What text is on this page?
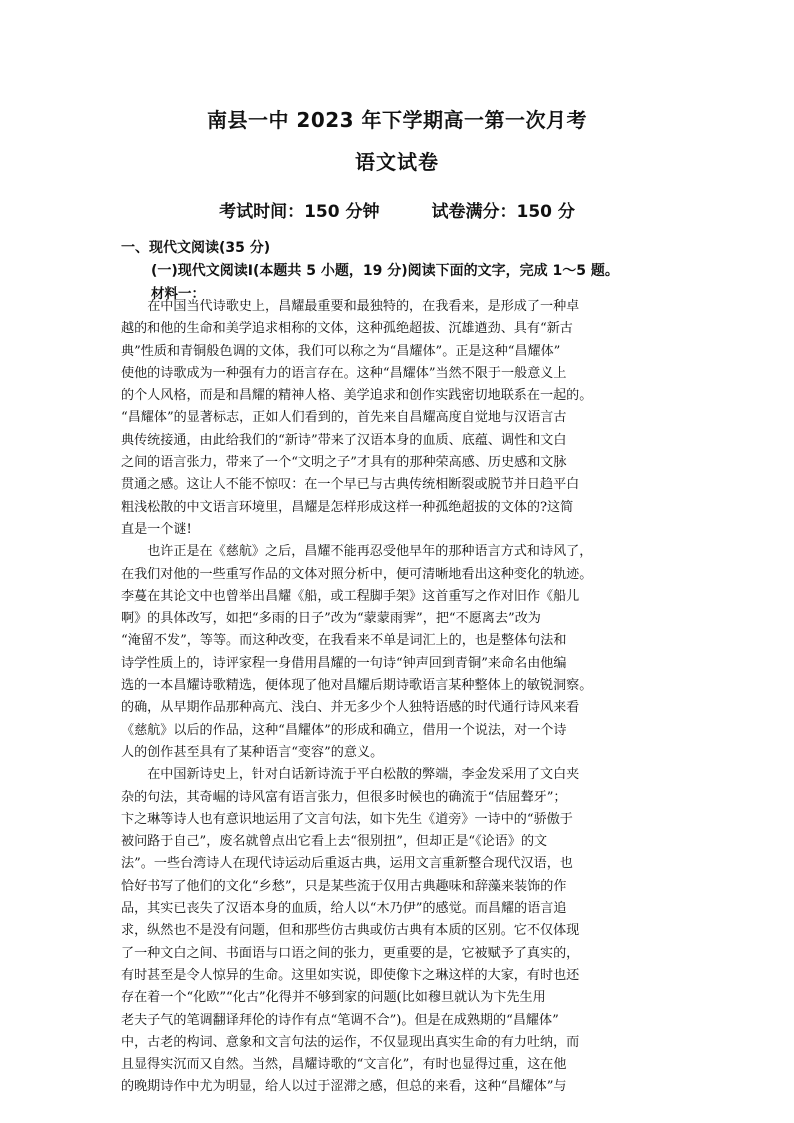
南县一中 2023 年下学期高一第一次月考
语文试卷
考试时间：150 分钟	试卷满分：150 分
一、现代文阅读(35 分)
(一)现代文阅读Ⅰ(本题共 5 小题，19 分)阅读下面的文字，完成 1～5 题。
材料一：

在中国当代诗歌史上，昌耀最重要和最独特的，在我看来，是形成了一种卓

越的和他的生命和美学追求相称的文体，这种孤绝超拔、沉雄遒劲、具有“新古

典”性质和青铜般色调的文体，我们可以称之为“昌耀体”。正是这种“昌耀体”

使他的诗歌成为一种强有力的语言存在。这种“昌耀体”当然不限于一般意义上

的个人风格，而是和昌耀的精神人格、美学追求和创作实践密切地联系在一起的。

“昌耀体”的显著标志，正如人们看到的，首先来自昌耀高度自觉地与汉语言古

典传统接通，由此给我们的“新诗”带来了汉语本身的血质、底蕴、调性和文白

之间的语言张力，带来了一个“文明之子”才具有的那种荣高感、历史感和文脉

贯通之感。这让人不能不惊叹：在一个早已与古典传统相断裂或脱节并日趋平白

粗浅松散的中文语言环境里，昌耀是怎样形成这样一种孤绝超拔的文体的?这简

直是一个谜!

也许正是在《慈航》之后，昌耀不能再忍受他早年的那种语言方式和诗风了，

在我们对他的一些重写作品的文体对照分析中，便可清晰地看出这种变化的轨迹。

李蔓在其论文中也曾举出昌耀《船，或工程脚手架》这首重写之作对旧作《船儿

啊》的具体改写，如把“多雨的日子”改为“蒙蒙雨霁”，把“不愿离去”改为

“淹留不发”，等等。而这种改变，在我看来不单是词汇上的，也是整体句法和

诗学性质上的，诗评家程一身借用昌耀的一句诗“钟声回到青铜”来命名由他编

选的一本昌耀诗歌精选，便体现了他对昌耀后期诗歌语言某种整体上的敏锐洞察。

的确，从早期作品那种高亢、浅白、并无多少个人独特语感的时代通行诗风来看

《慈航》以后的作品，这种“昌耀体”的形成和确立，借用一个说法，对一个诗

人的创作甚至具有了某种语言“变容”的意义。

在中国新诗史上，针对白话新诗流于平白松散的弊端，李金发采用了文白夹

杂的句法，其奇崛的诗风富有语言张力，但很多时候也的确流于“佶屈聱牙”；

卞之琳等诗人也有意识地运用了文言句法，如卞先生《道旁》一诗中的“骄傲于

被问路于自己”，废名就曾点出它看上去“很别扭”，但却正是“《论语》的文

法”。一些台湾诗人在现代诗运动后重返古典，运用文言重新整合现代汉语，也

恰好书写了他们的文化“乡愁”，只是某些流于仅用古典趣味和辞藻来装饰的作

品，其实已丧失了汉语本身的血质，给人以“木乃伊”的感觉。而昌耀的语言追

求，纵然也不是没有问题，但和那些仿古典或仿古典有本质的区别。它不仅体现

了一种文白之间、书面语与口语之间的张力，更重要的是，它被赋予了真实的，

有时甚至是令人惊异的生命。这里如实说，即使像卞之琳这样的大家，有时也还

存在着一个“化欧”“化古”化得并不够到家的问题(比如穆旦就认为卞先生用

老夫子气的笔调翻译拜伦的诗作有点“笔调不合”)。但是在成熟期的“昌耀体”

中，古老的构词、意象和文言句法的运作，不仅显现出真实生命的有力吐纳，而

且显得实沉而又自然。当然，昌耀诗歌的“文言化”，有时也显得过重，这在他

的晚期诗作中尤为明显，给人以过于涩滞之感，但总的来看，这种“昌耀体”与
